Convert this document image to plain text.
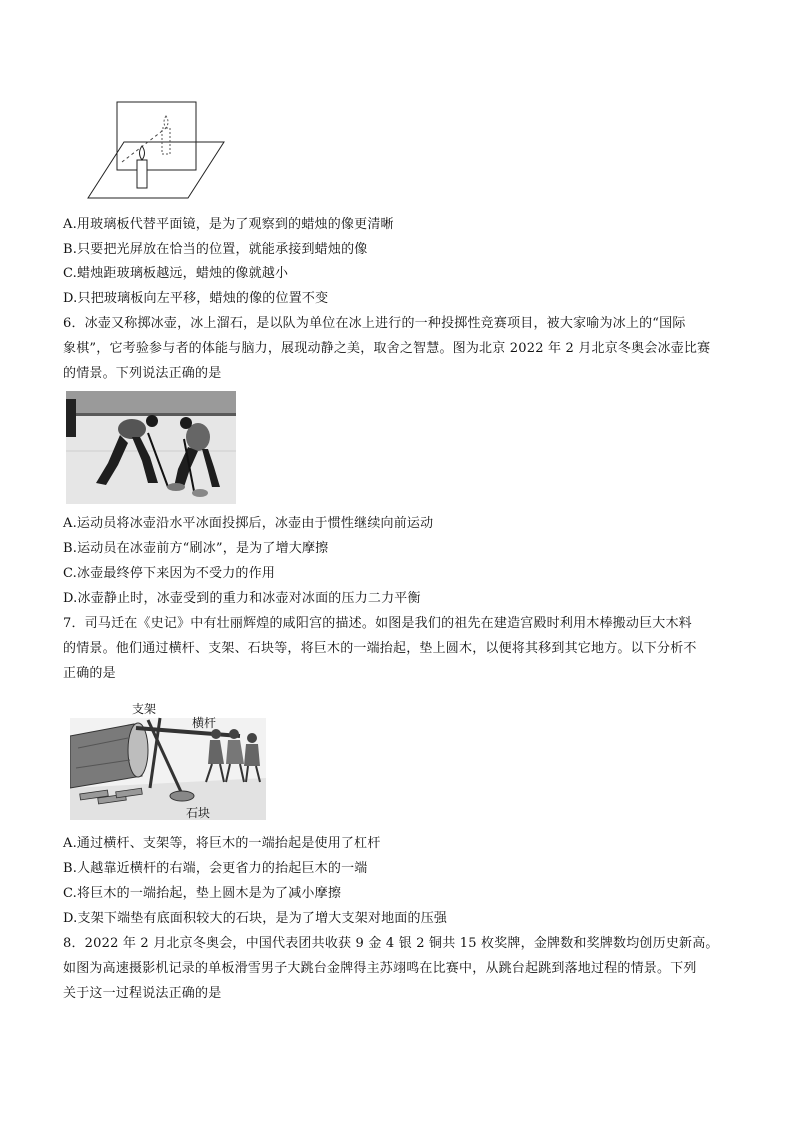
A.用玻璃板代替平面镜，是为了观察到的蜡烛的像更清晰
B.只要把光屏放在恰当的位置，就能承接到蜡烛的像
C.蜡烛距玻璃板越远，蜡烛的像就越小
D.只把玻璃板向左平移，蜡烛的像的位置不变
6．冰壶又称掷冰壶，冰上溜石，是以队为单位在冰上进行的一种投掷性竞赛项目，被大家喻为冰上的“国际
象棋”，它考验参与者的体能与脑力，展现动静之美，取舍之智慧。图为北京 2022 年 2 月北京冬奥会冰壶比赛
的情景。下列说法正确的是
A.运动员将冰壶沿水平冰面投掷后，冰壶由于惯性继续向前运动
B.运动员在冰壶前方“刷冰”，是为了增大摩擦
C.冰壶最终停下来因为不受力的作用
D.冰壶静止时，冰壶受到的重力和冰壶对冰面的压力二力平衡
7．司马迁在《史记》中有壮丽辉煌的咸阳宫的描述。如图是我们的祖先在建造宫殿时利用木棒搬动巨大木料
的情景。他们通过横杆、支架、石块等，将巨木的一端抬起，垫上圆木，以便将其移到其它地方。以下分析不
正确的是
支架
横杆
石块
A.通过横杆、支架等，将巨木的一端抬起是使用了杠杆
B.人越靠近横杆的右端，会更省力的抬起巨木的一端
C.将巨木的一端抬起，垫上圆木是为了减小摩擦
D.支架下端垫有底面积较大的石块，是为了增大支架对地面的压强
8．2022 年 2 月北京冬奥会，中国代表团共收获 9 金 4 银 2 铜共 15 枚奖牌，金牌数和奖牌数均创历史新高。
如图为高速摄影机记录的单板滑雪男子大跳台金牌得主苏翊鸣在比赛中，从跳台起跳到落地过程的情景。下列
关于这一过程说法正确的是
